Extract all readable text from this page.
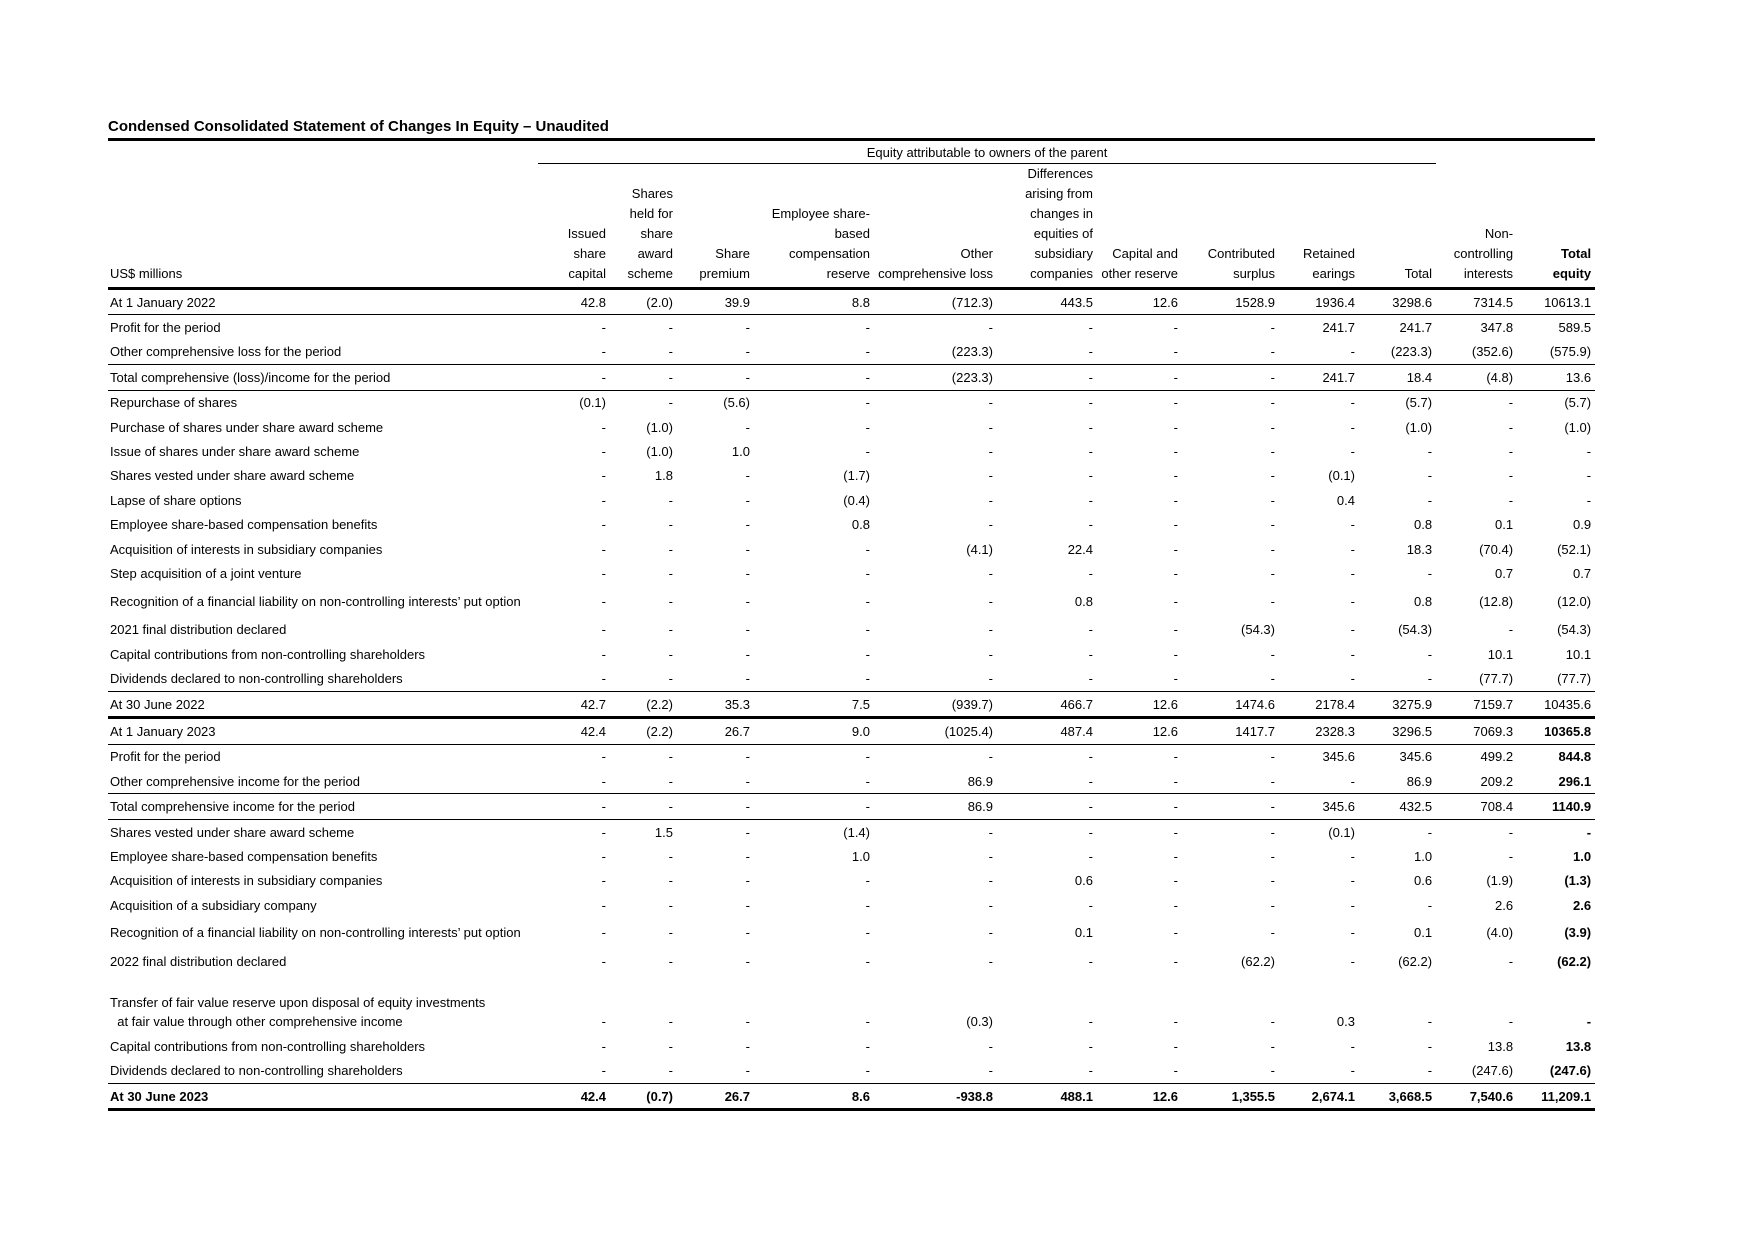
Condensed Consolidated Statement of Changes In Equity – Unaudited
	Equity attributable to owners of the parent											
US$ millions	Issued share capital	Shares held for share award scheme	Share premium	Employee share-based compensation reserve	Other comprehensive loss	Differences arising from changes in equities of subsidiary companies	Capital and other reserve	Contributed surplus	Retained earings	Total	Non-controlling interests	Total equity
At 1 January 2022	42.8	(2.0)	39.9	8.8	(712.3)	443.5	12.6	1528.9	1936.4	3298.6	7314.5	10613.1
Profit for the period	-	-	-	-	-	-	-	-	241.7	241.7	347.8	589.5
Other comprehensive loss for the period	-	-	-	-	(223.3)	-	-	-	-	(223.3)	(352.6)	(575.9)
Total comprehensive (loss)/income for the period	-	-	-	-	(223.3)	-	-	-	241.7	18.4	(4.8)	13.6
Repurchase of shares	(0.1)	-	(5.6)	-	-	-	-	-	-	(5.7)	-	(5.7)
Purchase of shares under share award scheme	-	(1.0)	-	-	-	-	-	-	-	(1.0)	-	(1.0)
Issue of shares under share award scheme	-	(1.0)	1.0	-	-	-	-	-	-	-	-	-
Shares vested under share award scheme	-	1.8	-	(1.7)	-	-	-	-	(0.1)	-	-	-
Lapse of share options	-	-	-	(0.4)	-	-	-	-	0.4	-	-	-
Employee share-based compensation benefits	-	-	-	0.8	-	-	-	-	-	0.8	0.1	0.9
Acquisition of interests in subsidiary companies	-	-	-	-	(4.1)	22.4	-	-	-	18.3	(70.4)	(52.1)
Step acquisition of a joint venture	-	-	-	-	-	-	-	-	-	-	0.7	0.7
Recognition of a financial liability on non-controlling interests’ put option	-	-	-	-	-	0.8	-	-	-	0.8	(12.8)	(12.0)
2021 final distribution declared	-	-	-	-	-	-	-	(54.3)	-	(54.3)	-	(54.3)
Capital contributions from non-controlling shareholders	-	-	-	-	-	-	-	-	-	-	10.1	10.1
Dividends declared to non-controlling shareholders	-	-	-	-	-	-	-	-	-	-	(77.7)	(77.7)
At 30 June 2022	42.7	(2.2)	35.3	7.5	(939.7)	466.7	12.6	1474.6	2178.4	3275.9	7159.7	10435.6
At 1 January 2023	42.4	(2.2)	26.7	9.0	(1025.4)	487.4	12.6	1417.7	2328.3	3296.5	7069.3	10365.8
Profit for the period	-	-	-	-	-	-	-	-	345.6	345.6	499.2	844.8
Other comprehensive income for the period	-	-	-	-	86.9	-	-	-	-	86.9	209.2	296.1
Total comprehensive income for the period	-	-	-	-	86.9	-	-	-	345.6	432.5	708.4	1140.9
Shares vested under share award scheme	-	1.5	-	(1.4)	-	-	-	-	(0.1)	-	-	-
Employee share-based compensation benefits	-	-	-	1.0	-	-	-	-	-	1.0	-	1.0
Acquisition of interests in subsidiary companies	-	-	-	-	-	0.6	-	-	-	0.6	(1.9)	(1.3)
Acquisition of a subsidiary company	-	-	-	-	-	-	-	-	-	-	2.6	2.6
Recognition of a financial liability on non-controlling interests’ put option	-	-	-	-	-	0.1	-	-	-	0.1	(4.0)	(3.9)
2022 final distribution declared	-	-	-	-	-	-	-	(62.2)	-	(62.2)	-	(62.2)
Transfer of fair value reserve upon disposal of equity investments												
at fair value through other comprehensive income	-	-	-	-	(0.3)	-	-	-	0.3	-	-	-
Capital contributions from non-controlling shareholders	-	-	-	-	-	-	-	-	-	-	13.8	13.8
Dividends declared to non-controlling shareholders	-	-	-	-	-	-	-	-	-	-	(247.6)	(247.6)
At 30 June 2023	42.4	(0.7)	26.7	8.6	-938.8	488.1	12.6	1,355.5	2,674.1	3,668.5	7,540.6	11,209.1
